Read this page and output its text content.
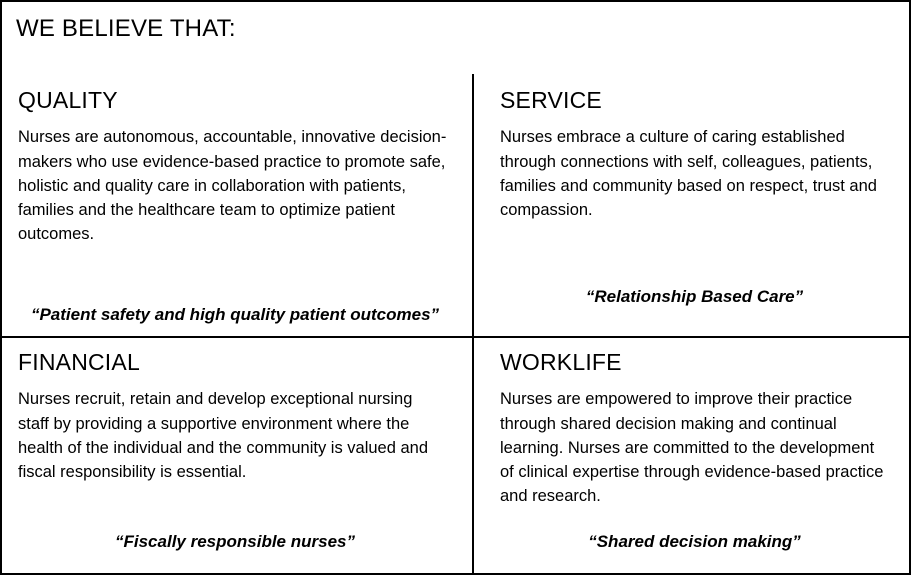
WE BELIEVE THAT:
QUALITY
Nurses are autonomous, accountable, innovative decision-makers who use evidence-based practice to promote safe, holistic and quality care in collaboration with patients, families and the healthcare team to optimize patient outcomes.
“Patient safety and high quality patient outcomes”
SERVICE
Nurses embrace a culture of caring established through connections with self, colleagues, patients, families and community based on respect, trust and compassion.
“Relationship Based Care”
FINANCIAL
Nurses recruit, retain and develop exceptional nursing staff by providing a supportive environment where the health of the individual and the community is valued and fiscal responsibility is essential.
“Fiscally responsible nurses”
WORKLIFE
Nurses are empowered to improve their practice through shared decision making and continual learning. Nurses are committed to the development of clinical expertise through evidence-based practice and research.
“Shared decision making”
